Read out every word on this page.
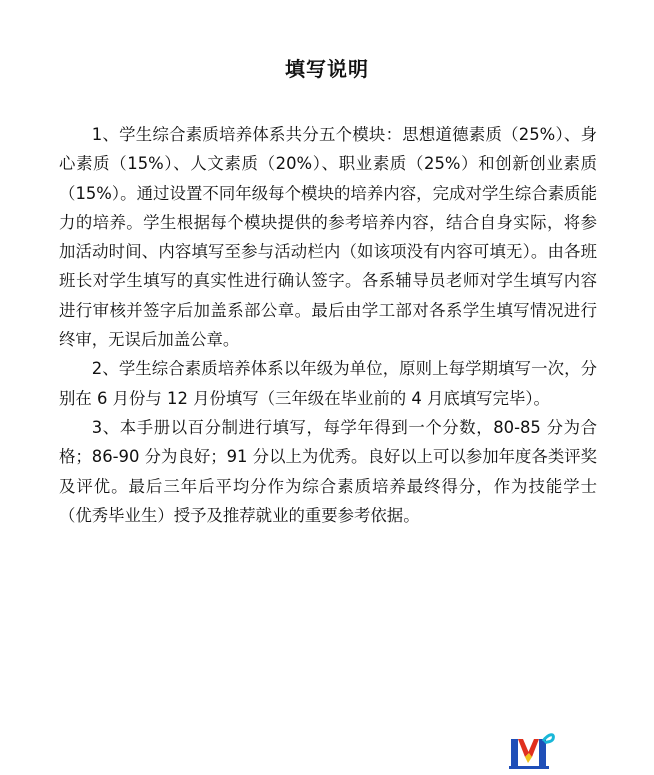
填写说明

1、学生综合素质培养体系共分五个模块：思想道德素质（25%）、身心素质（15%）、人文素质（20%）、职业素质（25%）和创新创业素质（15%）。通过设置不同年级每个模块的培养内容，完成对学生综合素质能力的培养。学生根据每个模块提供的参考培养内容，结合自身实际，将参加活动时间、内容填写至参与活动栏内（如该项没有内容可填无）。由各班班长对学生填写的真实性进行确认签字。各系辅导员老师对学生填写内容进行审核并签字后加盖系部公章。最后由学工部对各系学生填写情况进行终审，无误后加盖公章。

2、学生综合素质培养体系以年级为单位，原则上每学期填写一次，分别在 6 月份与 12 月份填写（三年级在毕业前的 4 月底填写完毕）。

3、本手册以百分制进行填写，每学年得到一个分数，80-85 分为合格；86-90 分为良好；91 分以上为优秀。良好以上可以参加年度各类评奖及评优。最后三年后平均分作为综合素质培养最终得分，作为技能学士（优秀毕业生）授予及推荐就业的重要参考依据。
